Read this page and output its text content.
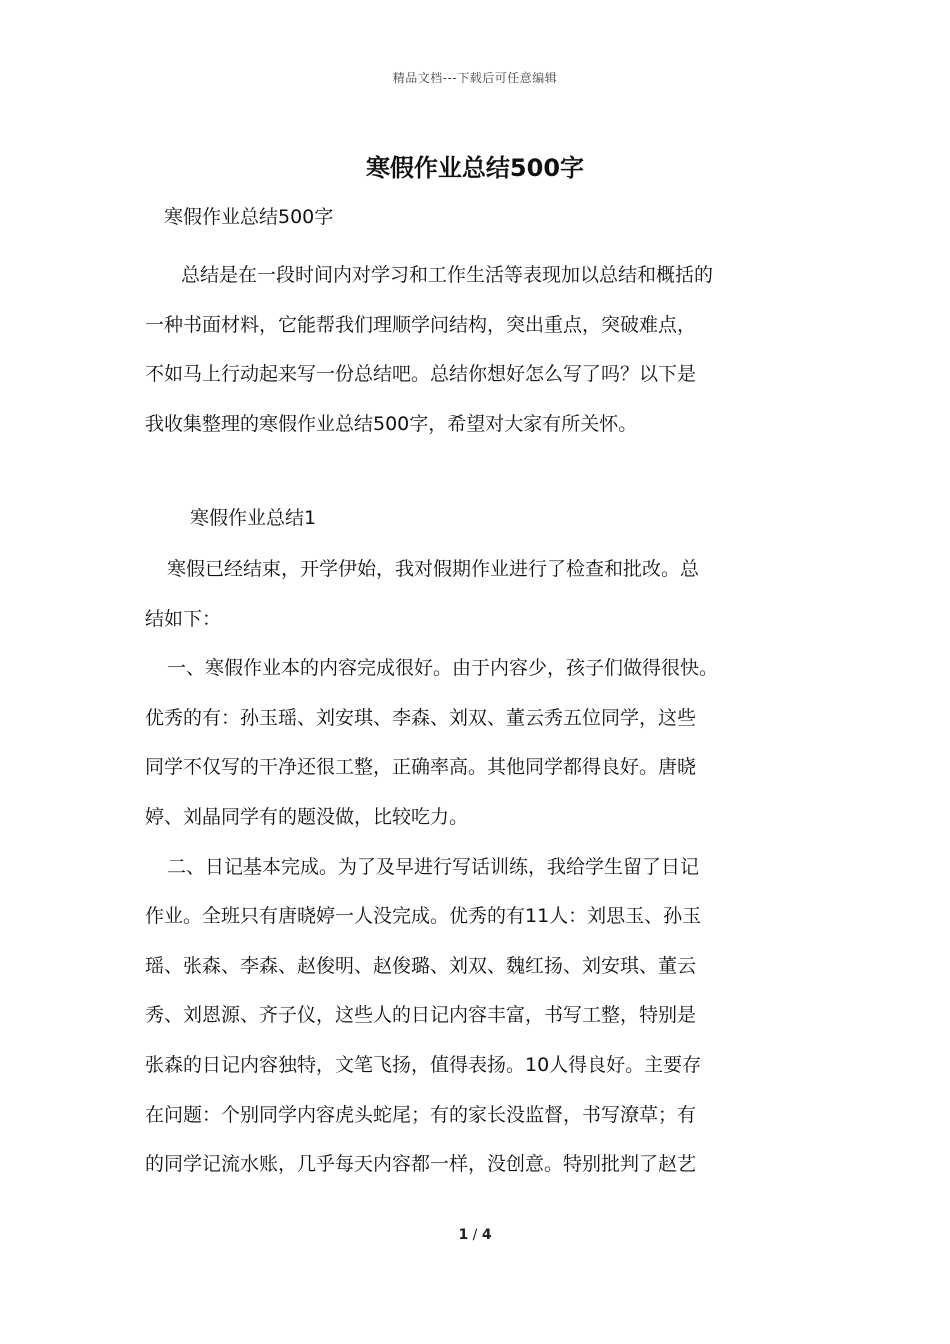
精品文档---下载后可任意编辑
寒假作业总结500字
寒假作业总结500字
总结是在一段时间内对学习和工作生活等表现加以总结和概括的
一种书面材料，它能帮我们理顺学问结构，突出重点，突破难点，
不如马上行动起来写一份总结吧。总结你想好怎么写了吗？以下是
我收集整理的寒假作业总结500字，希望对大家有所关怀。
寒假作业总结1
寒假已经结束，开学伊始，我对假期作业进行了检查和批改。总
结如下：
一、寒假作业本的内容完成很好。由于内容少，孩子们做得很快。
优秀的有：孙玉瑶、刘安琪、李森、刘双、董云秀五位同学，这些
同学不仅写的干净还很工整，正确率高。其他同学都得良好。唐晓
婷、刘晶同学有的题没做，比较吃力。
二、日记基本完成。为了及早进行写话训练，我给学生留了日记
作业。全班只有唐晓婷一人没完成。优秀的有11人：刘思玉、孙玉
瑶、张森、李森、赵俊明、赵俊璐、刘双、魏红扬、刘安琪、董云
秀、刘恩源、齐子仪，这些人的日记内容丰富，书写工整，特别是
张森的日记内容独特，文笔飞扬，值得表扬。10人得良好。主要存
在问题：个别同学内容虎头蛇尾；有的家长没监督，书写潦草；有
的同学记流水账，几乎每天内容都一样，没创意。特别批判了赵艺
1 / 4
